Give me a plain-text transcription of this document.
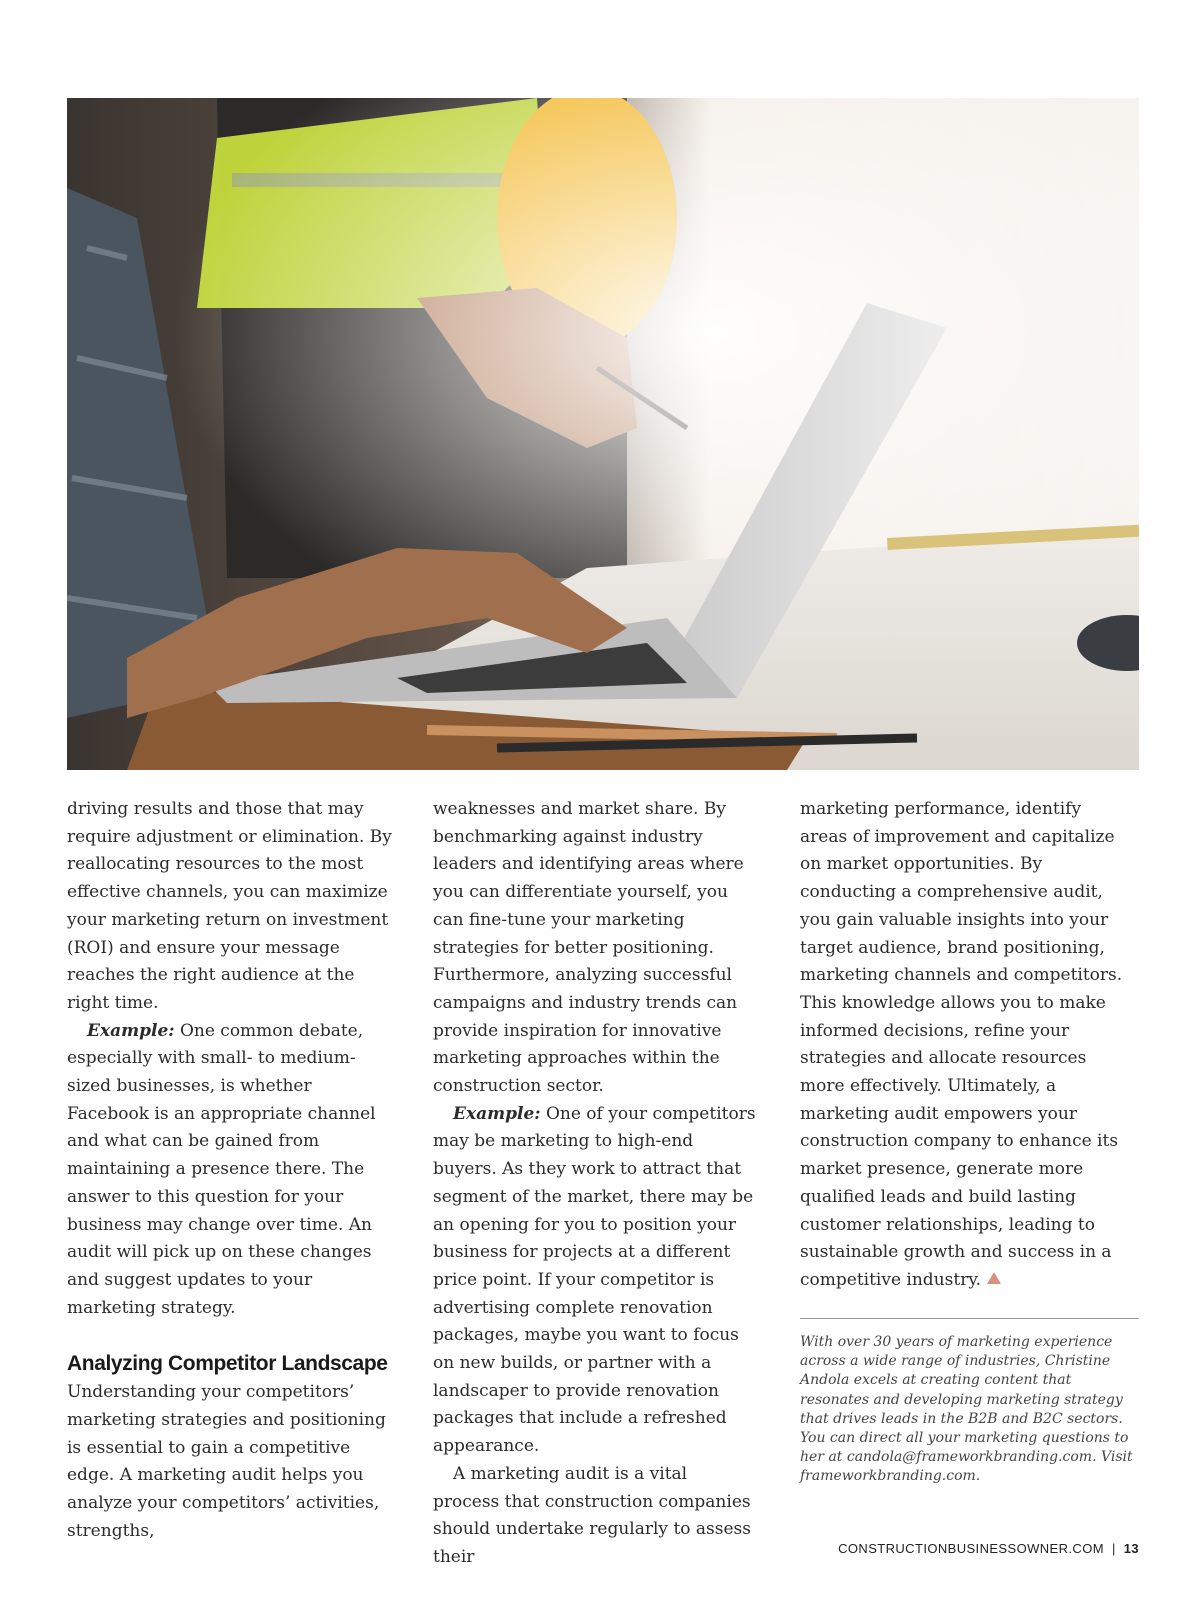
driving results and those that may require adjustment or elimination. By reallocating resources to the most effective channels, you can maximize your marketing return on investment (ROI) and ensure your message reaches the right audience at the right time.

Example: One common debate, especially with small- to medium-sized businesses, is whether Facebook is an appropriate channel and what can be gained from maintaining a presence there. The answer to this question for your business may change over time. An audit will pick up on these changes and suggest updates to your marketing strategy.

Analyzing Competitor Landscape

Understanding your competitors’ marketing strategies and positioning is essential to gain a competitive edge. A marketing audit helps you analyze your competitors’ activities, strengths,

weaknesses and market share. By benchmarking against industry leaders and identifying areas where you can differentiate yourself, you can fine-tune your marketing strategies for better positioning. Furthermore, analyzing successful campaigns and industry trends can provide inspiration for innovative marketing approaches within the construction sector.

Example: One of your competitors may be marketing to high-end buyers. As they work to attract that segment of the market, there may be an opening for you to position your business for projects at a different price point. If your competitor is advertising complete renovation packages, maybe you want to focus on new builds, or partner with a landscaper to provide renovation packages that include a refreshed appearance.

A marketing audit is a vital process that construction companies should undertake regularly to assess their

marketing performance, identify areas of improvement and capitalize on market opportunities. By conducting a comprehensive audit, you gain valuable insights into your target audience, brand positioning, marketing channels and competitors. This knowledge allows you to make informed decisions, refine your strategies and allocate resources more effectively. Ultimately, a marketing audit empowers your construction company to enhance its market presence, generate more qualified leads and build lasting customer relationships, leading to sustainable growth and success in a competitive industry.

With over 30 years of marketing experience across a wide range of industries, Christine Andola excels at creating content that resonates and developing marketing strategy that drives leads in the B2B and B2C sectors. You can direct all your marketing questions to her at candola@frameworkbranding.com. Visit frameworkbranding.com.
CONSTRUCTIONBUSINESSOWNER.COM | 13
